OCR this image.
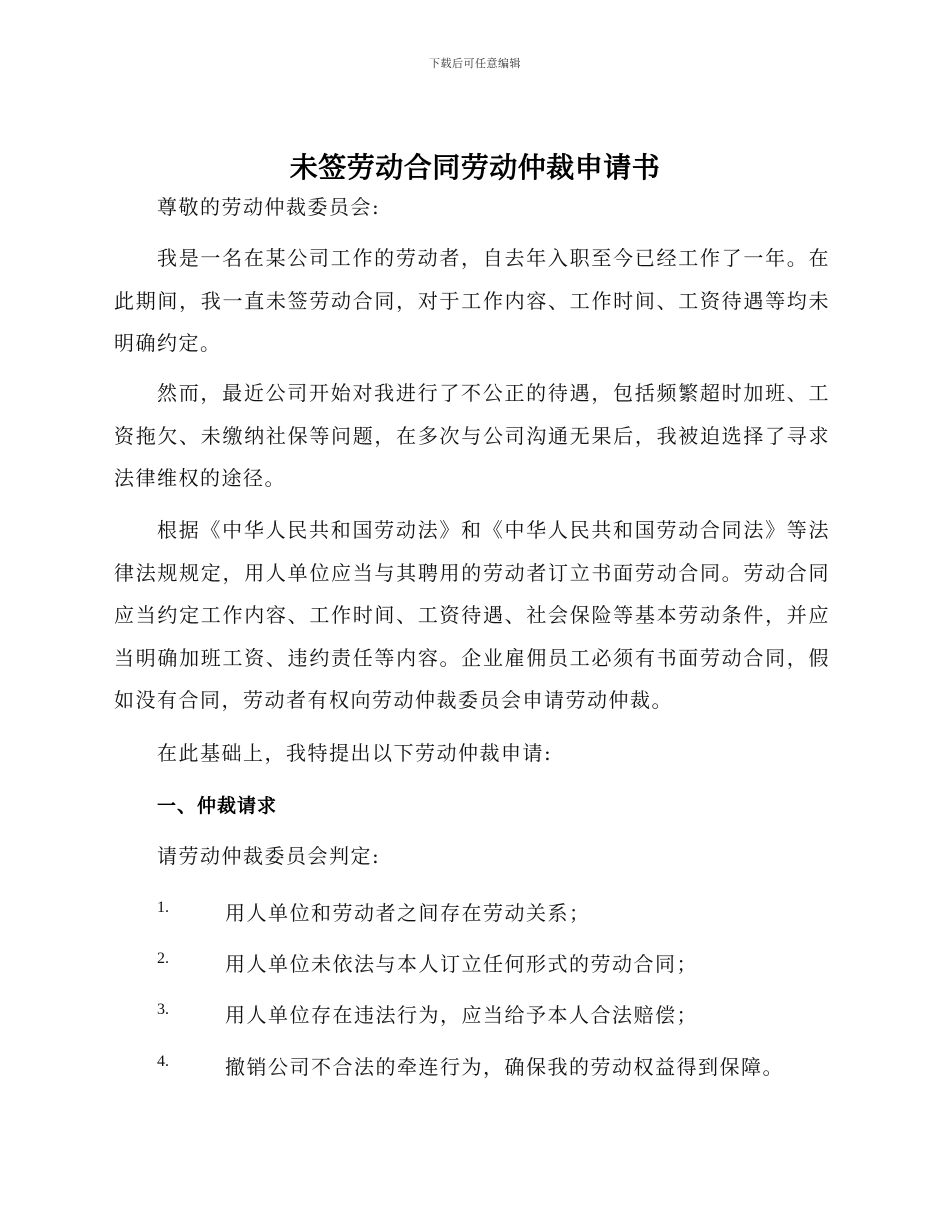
下载后可任意编辑
未签劳动合同劳动仲裁申请书
尊敬的劳动仲裁委员会:
我是一名在某公司工作的劳动者，自去年入职至今已经工作了一年。在此期间，我一直未签劳动合同，对于工作内容、工作时间、工资待遇等均未明确约定。
然而，最近公司开始对我进行了不公正的待遇，包括频繁超时加班、工资拖欠、未缴纳社保等问题，在多次与公司沟通无果后，我被迫选择了寻求法律维权的途径。
根据《中华人民共和国劳动法》和《中华人民共和国劳动合同法》等法律法规规定，用人单位应当与其聘用的劳动者订立书面劳动合同。劳动合同应当约定工作内容、工作时间、工资待遇、社会保险等基本劳动条件，并应当明确加班工资、违约责任等内容。企业雇佣员工必须有书面劳动合同，假如没有合同，劳动者有权向劳动仲裁委员会申请劳动仲裁。
在此基础上，我特提出以下劳动仲裁申请:
一、仲裁请求
请劳动仲裁委员会判定:
1.	用人单位和劳动者之间存在劳动关系；
2.	用人单位未依法与本人订立任何形式的劳动合同；
3.	用人单位存在违法行为，应当给予本人合法赔偿；
4.	撤销公司不合法的牵连行为，确保我的劳动权益得到保障。
